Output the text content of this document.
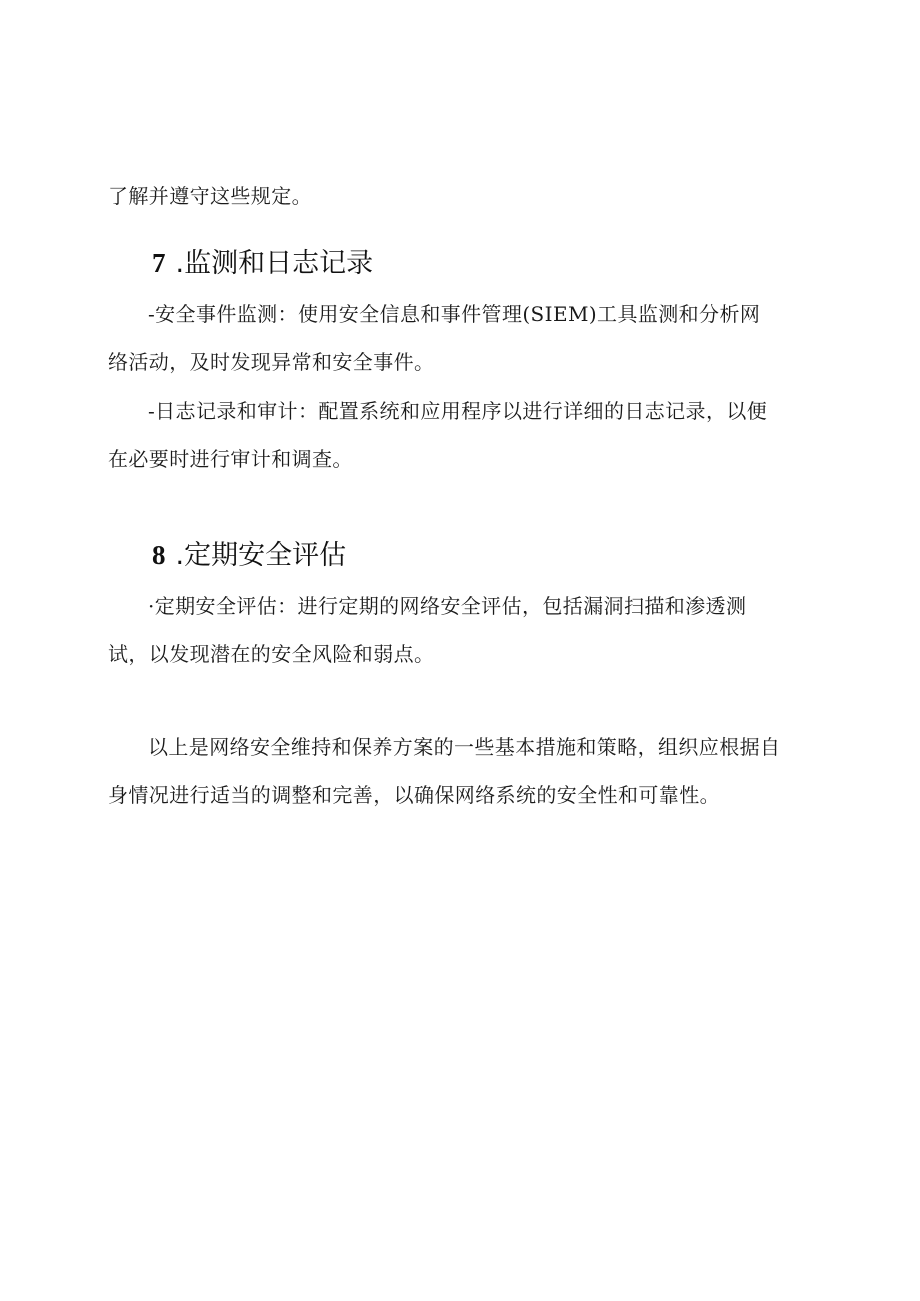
了解并遵守这些规定。
7 .监测和日志记录
-安全事件监测：使用安全信息和事件管理(SIEM)工具监测和分析网
络活动，及时发现异常和安全事件。
-日志记录和审计：配置系统和应用程序以进行详细的日志记录，以便
在必要时进行审计和调查。
8 .定期安全评估
·定期安全评估：进行定期的网络安全评估，包括漏洞扫描和渗透测
试，以发现潜在的安全风险和弱点。
以上是网络安全维持和保养方案的一些基本措施和策略，组织应根据自
身情况进行适当的调整和完善，以确保网络系统的安全性和可靠性。
